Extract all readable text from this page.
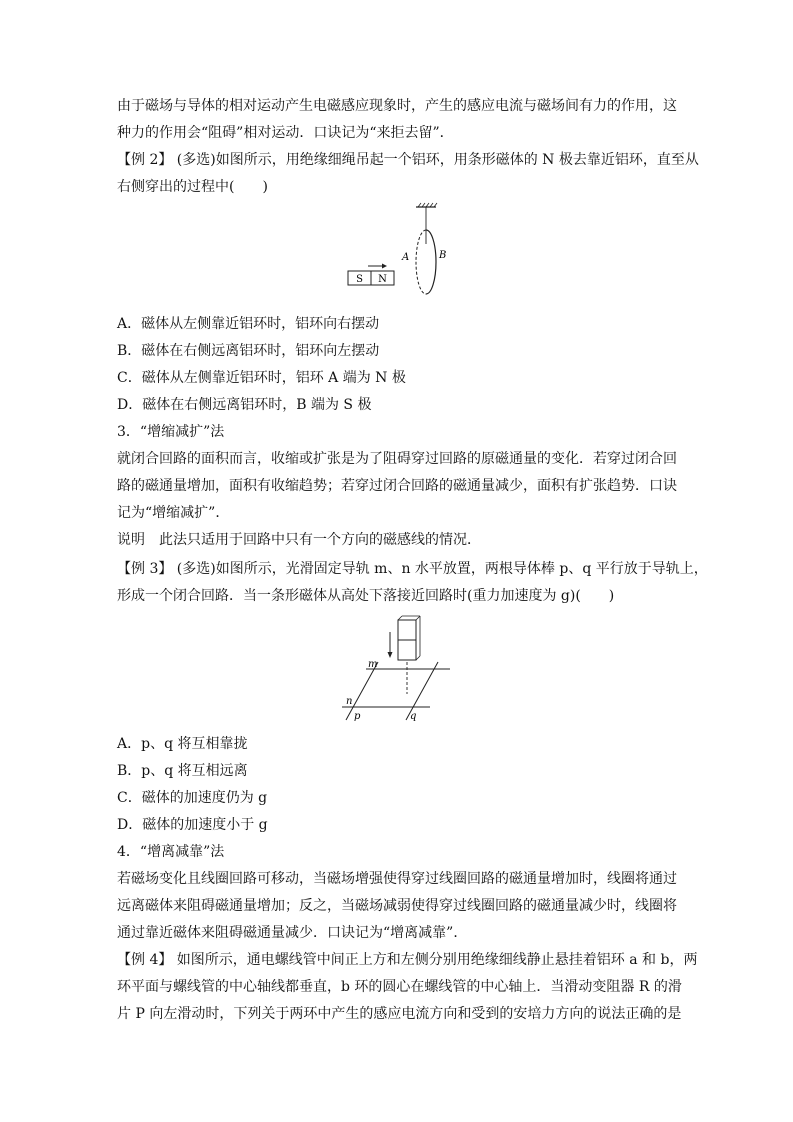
由于磁场与导体的相对运动产生电磁感应现象时，产生的感应电流与磁场间有力的作用，这
种力的作用会“阻碍”相对运动．口诀记为“来拒去留”．
【例 2】 (多选)如图所示，用绝缘细绳吊起一个铝环，用条形磁体的 N 极去靠近铝环，直至从
右侧穿出的过程中(　　)
S N
A	B
A．磁体从左侧靠近铝环时，铝环向右摆动
B．磁体在右侧远离铝环时，铝环向左摆动
C．磁体从左侧靠近铝环时，铝环 A 端为 N 极
D．磁体在右侧远离铝环时，B 端为 S 极
3．“增缩减扩”法
就闭合回路的面积而言，收缩或扩张是为了阻碍穿过回路的原磁通量的变化．若穿过闭合回
路的磁通量增加，面积有收缩趋势；若穿过闭合回路的磁通量减少，面积有扩张趋势．口诀
记为“增缩减扩”．
说明　此法只适用于回路中只有一个方向的磁感线的情况．
【例 3】 (多选)如图所示，光滑固定导轨 m、n 水平放置，两根导体棒 p、q 平行放于导轨上，
形成一个闭合回路．当一条形磁体从高处下落接近回路时(重力加速度为 g)(　　)
m
n
p	q
A．p、q 将互相靠拢
B．p、q 将互相远离
C．磁体的加速度仍为 g
D．磁体的加速度小于 g
4．“增离减靠”法
若磁场变化且线圈回路可移动，当磁场增强使得穿过线圈回路的磁通量增加时，线圈将通过
远离磁体来阻碍磁通量增加；反之，当磁场减弱使得穿过线圈回路的磁通量减少时，线圈将
通过靠近磁体来阻碍磁通量减少．口诀记为“增离减靠”．
【例 4】 如图所示，通电螺线管中间正上方和左侧分别用绝缘细线静止悬挂着铝环 a 和 b，两
环平面与螺线管的中心轴线都垂直，b 环的圆心在螺线管的中心轴上．当滑动变阻器 R 的滑
片 P 向左滑动时，下列关于两环中产生的感应电流方向和受到的安培力方向的说法正确的是
